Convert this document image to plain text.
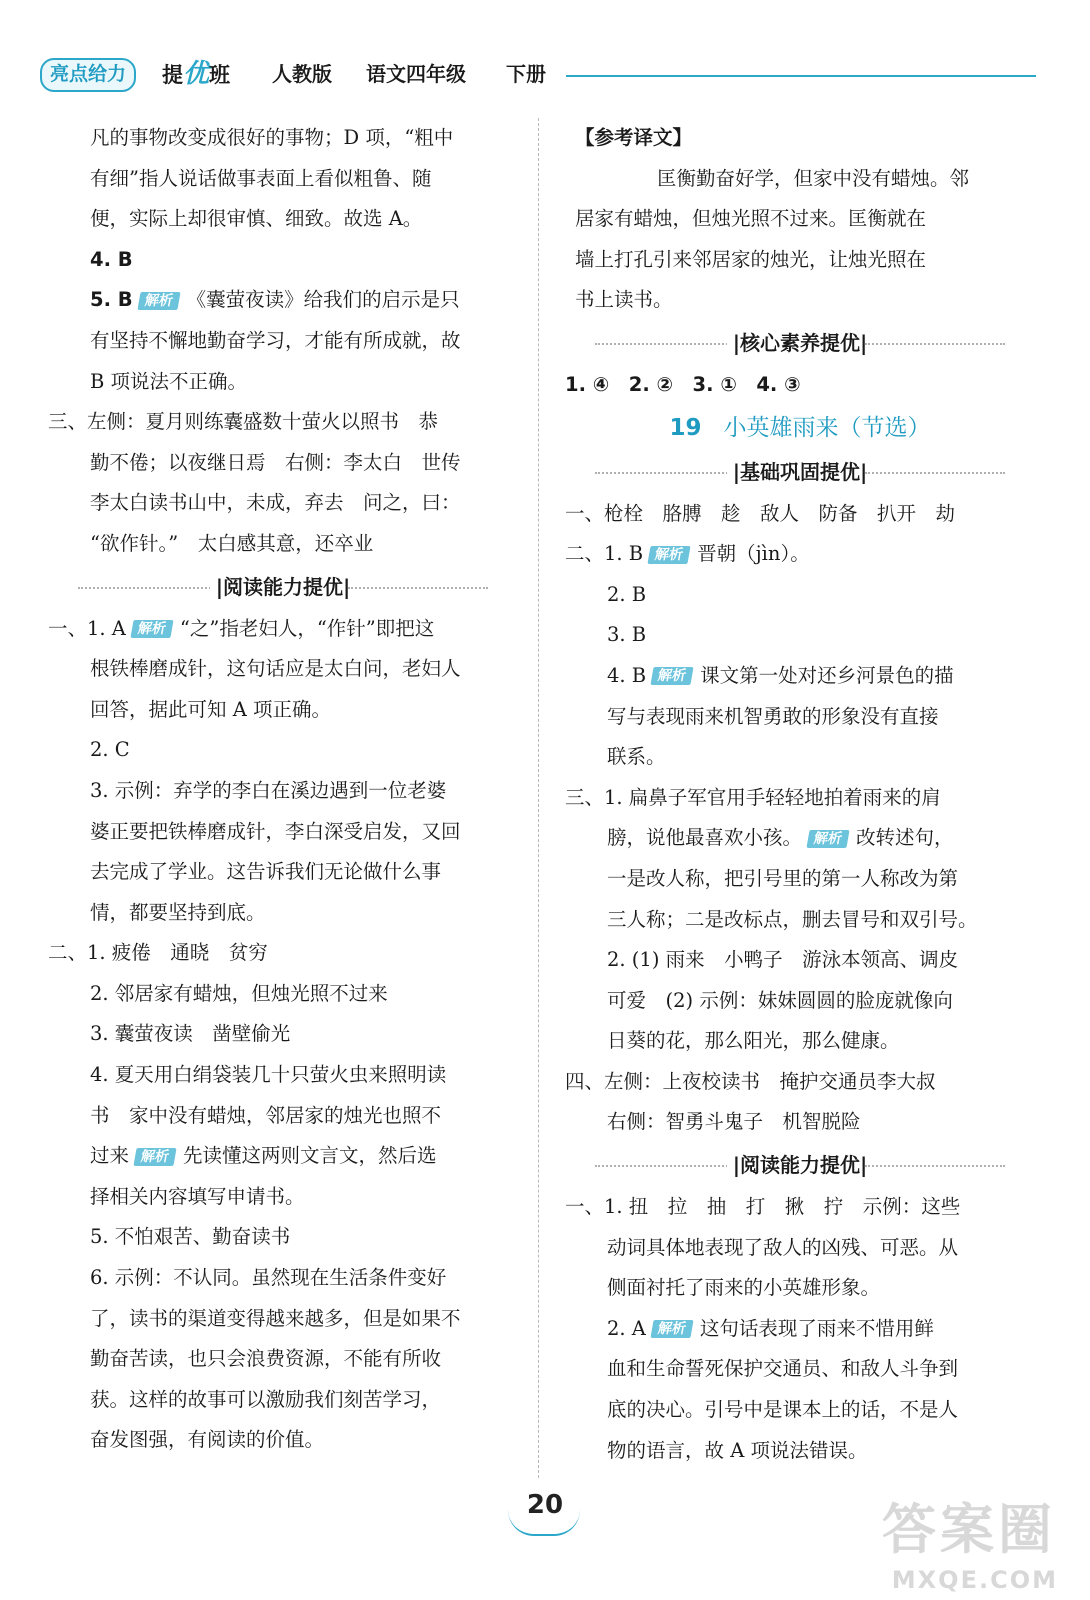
亮点给力	提优班 人教版 语文四年级 下册
凡的事物改变成很好的事物；D 项，“粗中
有细”指人说话做事表面上看似粗鲁、随
便，实际上却很审慎、细致。故选 A。
4. B
5. B 解析 《囊萤夜读》给我们的启示是只
有坚持不懈地勤奋学习，才能有所成就，故
B 项说法不正确。
三、左侧：夏月则练囊盛数十萤火以照书　恭
勤不倦；以夜继日焉　右侧：李太白　世传
李太白读书山中，未成，弃去　问之，曰：
“欲作针。”　太白感其意，还卒业
|阅读能力提优|
一、1. A 解析 “之”指老妇人，“作针”即把这
根铁棒磨成针，这句话应是太白问，老妇人
回答，据此可知 A 项正确。
2. C
3. 示例：弃学的李白在溪边遇到一位老婆
婆正要把铁棒磨成针，李白深受启发，又回
去完成了学业。这告诉我们无论做什么事
情，都要坚持到底。
二、1. 疲倦　通晓　贫穷
2. 邻居家有蜡烛，但烛光照不过来
3. 囊萤夜读　凿壁偷光
4. 夏天用白绢袋装几十只萤火虫来照明读
书　家中没有蜡烛，邻居家的烛光也照不
过来 解析 先读懂这两则文言文，然后选
择相关内容填写申请书。
5. 不怕艰苦、勤奋读书
6. 示例：不认同。虽然现在生活条件变好
了，读书的渠道变得越来越多，但是如果不
勤奋苦读，也只会浪费资源，不能有所收
获。这样的故事可以激励我们刻苦学习，
奋发图强，有阅读的价值。
【参考译文】
匡衡勤奋好学，但家中没有蜡烛。邻
居家有蜡烛，但烛光照不过来。匡衡就在
墙上打孔引来邻居家的烛光，让烛光照在
书上读书。
|核心素养提优|
1. ④　2. ②　3. ①　4. ③
19 小英雄雨来（节选）
|基础巩固提优|
一、枪栓　胳膊　趁　敌人　防备　扒开　劫
二、1. B 解析 晋朝（jìn）。
2. B
3. B
4. B 解析 课文第一处对还乡河景色的描
写与表现雨来机智勇敢的形象没有直接
联系。
三、1. 扁鼻子军官用手轻轻地拍着雨来的肩
膀，说他最喜欢小孩。 解析 改转述句，
一是改人称，把引号里的第一人称改为第
三人称；二是改标点，删去冒号和双引号。
2. (1) 雨来　小鸭子　游泳本领高、调皮
可爱　(2) 示例：妹妹圆圆的脸庞就像向
日葵的花，那么阳光，那么健康。
四、左侧：上夜校读书　掩护交通员李大叔
右侧：智勇斗鬼子　机智脱险
|阅读能力提优|
一、1. 扭　拉　抽　打　揪　拧　示例：这些
动词具体地表现了敌人的凶残、可恶。从
侧面衬托了雨来的小英雄形象。
2. A 解析 这句话表现了雨来不惜用鲜
血和生命誓死保护交通员、和敌人斗争到
底的决心。引号中是课本上的话，不是人
物的语言，故 A 项说法错误。
20	答案圈
MXQE.COM
